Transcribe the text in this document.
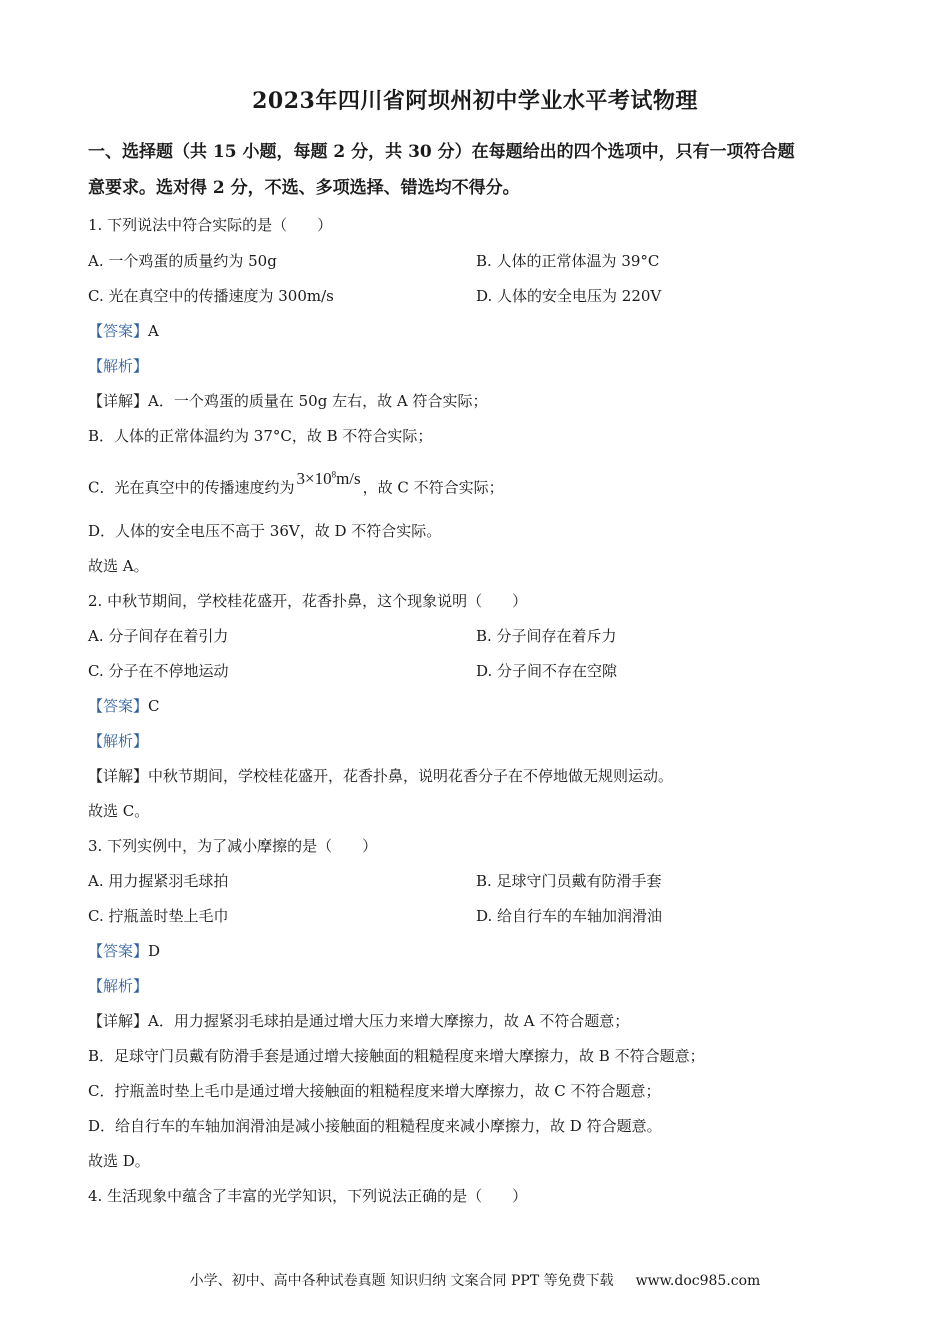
2023年四川省阿坝州初中学业水平考试物理
一、选择题（共 15 小题，每题 2 分，共 30 分）在每题给出的四个选项中，只有一项符合题
意要求。选对得 2 分，不选、多项选择、错选均不得分。
1. 下列说法中符合实际的是（　　）
A. 一个鸡蛋的质量约为 50g	B. 人体的正常体温为 39°C
C. 光在真空中的传播速度为 300m/s	D. 人体的安全电压为 220V
【答案】A
【解析】
【详解】A．一个鸡蛋的质量在 50g 左右，故 A 符合实际；
B．人体的正常体温约为 37°C，故 B 不符合实际；
C．光在真空中的传播速度约为 $3\times 10^8m/s$ ，故 C 不符合实际；
D．人体的安全电压不高于 36V，故 D 不符合实际。
故选 A。
2. 中秋节期间，学校桂花盛开，花香扑鼻，这个现象说明（　　）
A. 分子间存在着引力	B. 分子间存在着斥力
C. 分子在不停地运动	D. 分子间不存在空隙
【答案】C
【解析】
【详解】中秋节期间，学校桂花盛开，花香扑鼻，说明花香分子在不停地做无规则运动。
故选 C。
3. 下列实例中，为了减小摩擦的是（　　）
A. 用力握紧羽毛球拍	B. 足球守门员戴有防滑手套
C. 拧瓶盖时垫上毛巾	D. 给自行车的车轴加润滑油
【答案】D
【解析】
【详解】A．用力握紧羽毛球拍是通过增大压力来增大摩擦力，故 A 不符合题意；
B．足球守门员戴有防滑手套是通过增大接触面的粗糙程度来增大摩擦力，故 B 不符合题意；
C．拧瓶盖时垫上毛巾是通过增大接触面的粗糙程度来增大摩擦力，故 C 不符合题意；
D．给自行车的车轴加润滑油是减小接触面的粗糙程度来减小摩擦力，故 D 符合题意。
故选 D。
4. 生活现象中蕴含了丰富的光学知识，下列说法正确的是（　　）
小学、初中、高中各种试卷真题 知识归纳 文案合同 PPT 等免费下载 www.doc985.com
